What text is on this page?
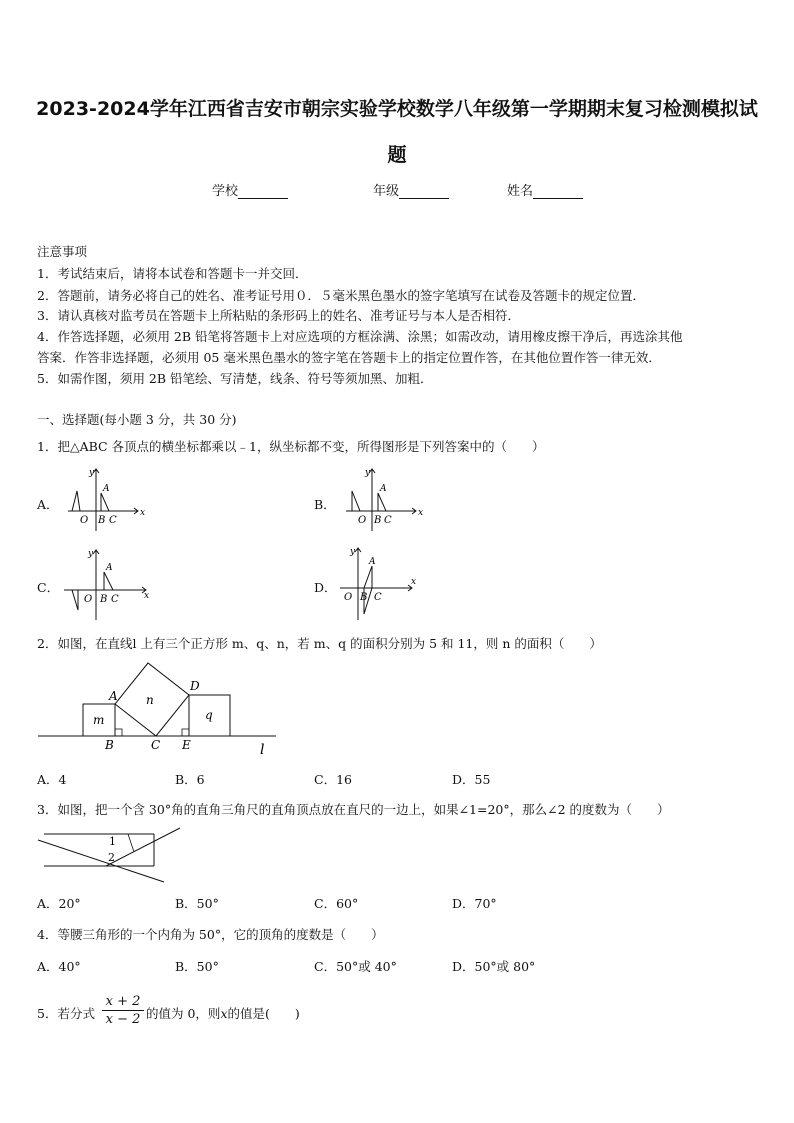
2023-2024学年江西省吉安市朝宗实验学校数学八年级第一学期期末复习检测模拟试
题
学校	年级	姓名
注意事项
1．考试结束后，请将本试卷和答题卡一并交回．
2．答题前，请务必将自己的姓名、准考证号用０．５毫米黑色墨水的签字笔填写在试卷及答题卡的规定位置．
3．请认真核对监考员在答题卡上所粘贴的条形码上的姓名、准考证号与本人是否相符．
4．作答选择题，必须用 2B 铅笔将答题卡上对应选项的方框涂满、涂黑；如需改动，请用橡皮擦干净后，再选涂其他
答案．作答非选择题，必须用 05 毫米黑色墨水的签字笔在答题卡上的指定位置作答，在其他位置作答一律无效．
5．如需作图，须用 2B 铅笔绘、写清楚，线条、符号等须加黑、加粗．
一、选择题(每小题 3 分，共 30 分)
1．把△ABC 各顶点的横坐标都乘以﹣1，纵坐标都不变，所得图形是下列答案中的（　　）
A．
y
x
O
A
B C
B．
y
x
O
A
B C
C．
y
x
O
A
B C
D．
y
x
O
A
B C
2．如图，在直线l 上有三个正方形 m、q、n，若 m、q 的面积分别为 5 和 11，则 n 的面积（　　）
m
n
q
A
B	C
D
E	l
A．4	B．6	C．16	D．55
3．如图，把一个含 30°角的直角三角尺的直角顶点放在直尺的一边上，如果∠1=20°，那么∠2 的度数为（　　）
1
2
A．20°	B．50°	C．60°	D．70°
4．等腰三角形的一个内角为 50°，它的顶角的度数是（　　）
A．40°	B．50°	C．50°或 40°	D．50°或 80°
5．若分式
x + 2
x − 2 的值为 0，则x的值是(　　)
